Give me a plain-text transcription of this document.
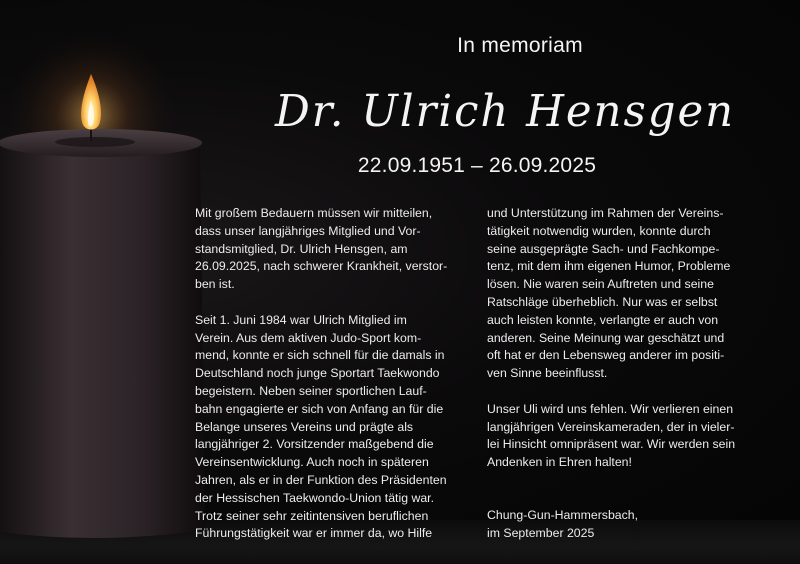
In memoriam
Dr. Ulrich Hensgen
22.09.1951 – 26.09.2025

Mit großem Bedauern müssen wir mitteilen,
dass unser langjähriges Mitglied und Vor-
standsmitglied, Dr. Ulrich Hensgen, am
26.09.2025, nach schwerer Krankheit, verstor-
ben ist.

Seit 1. Juni 1984 war Ulrich Mitglied im
Verein. Aus dem aktiven Judo-Sport kom-
mend, konnte er sich schnell für die damals in
Deutschland noch junge Sportart Taekwondo
begeistern. Neben seiner sportlichen Lauf-
bahn engagierte er sich von Anfang an für die
Belange unseres Vereins und prägte als
langjähriger 2. Vorsitzender maßgebend die
Vereinsentwicklung. Auch noch in späteren
Jahren, als er in der Funktion des Präsidenten
der Hessischen Taekwondo-Union tätig war.
Trotz seiner sehr zeitintensiven beruflichen
Führungstätigkeit war er immer da, wo Hilfe

und Unterstützung im Rahmen der Vereins-
tätigkeit notwendig wurden, konnte durch
seine ausgeprägte Sach- und Fachkompe-
tenz, mit dem ihm eigenen Humor, Probleme
lösen. Nie waren sein Auftreten und seine
Ratschläge überheblich. Nur was er selbst
auch leisten konnte, verlangte er auch von
anderen. Seine Meinung war geschätzt und
oft hat er den Lebensweg anderer im positi-
ven Sinne beeinflusst.

Unser Uli wird uns fehlen. Wir verlieren einen
langjährigen Vereinskameraden, der in vieler-
lei Hinsicht omnipräsent war. Wir werden sein
Andenken in Ehren halten!

Chung-Gun-Hammersbach,
im September 2025
